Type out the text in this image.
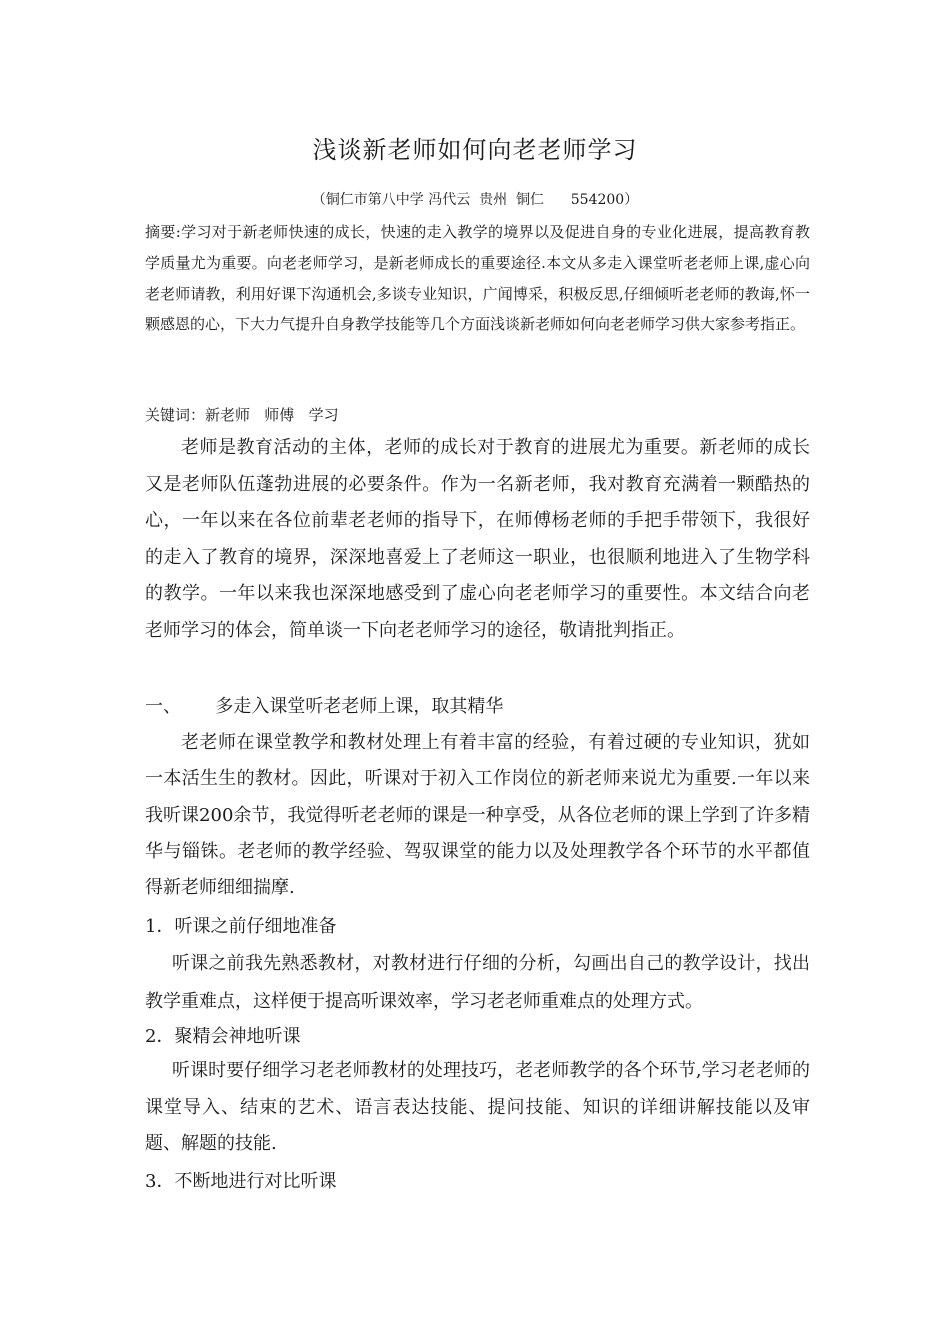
浅谈新老师如何向老老师学习
（铜仁市第八中学 冯代云  贵州  铜仁      554200）
摘要:学习对于新老师快速的成长，快速的走入教学的境界以及促进自身的专业化进展，提高教育教学质量尤为重要。向老老师学习，是新老师成长的重要途径.本文从多走入课堂听老老师上课,虚心向老老师请教，利用好课下沟通机会,多谈专业知识，广闻博采，积极反思,仔细倾听老老师的教诲,怀一颗感恩的心，下大力气提升自身教学技能等几个方面浅谈新老师如何向老老师学习供大家参考指正。
关键词：新老师   师傅   学习
老师是教育活动的主体，老师的成长对于教育的进展尤为重要。新老师的成长又是老师队伍蓬勃进展的必要条件。作为一名新老师，我对教育充满着一颗酷热的心，一年以来在各位前辈老老师的指导下，在师傅杨老师的手把手带领下，我很好的走入了教育的境界，深深地喜爱上了老师这一职业，也很顺利地进入了生物学科的教学。一年以来我也深深地感受到了虚心向老老师学习的重要性。本文结合向老老师学习的体会，简单谈一下向老老师学习的途径，敬请批判指正。
一、      多走入课堂听老老师上课，取其精华
老老师在课堂教学和教材处理上有着丰富的经验，有着过硬的专业知识，犹如一本活生生的教材。因此，听课对于初入工作岗位的新老师来说尤为重要.一年以来我听课200余节，我觉得听老老师的课是一种享受，从各位老师的课上学到了许多精华与锱铢。老老师的教学经验、驾驭课堂的能力以及处理教学各个环节的水平都值得新老师细细揣摩.
1．听课之前仔细地准备
听课之前我先熟悉教材，对教材进行仔细的分析，勾画出自己的教学设计，找出教学重难点，这样便于提高听课效率，学习老老师重难点的处理方式。
2．聚精会神地听课
听课时要仔细学习老老师教材的处理技巧，老老师教学的各个环节,学习老老师的课堂导入、结束的艺术、语言表达技能、提问技能、知识的详细讲解技能以及审题、解题的技能.
3．不断地进行对比听课
